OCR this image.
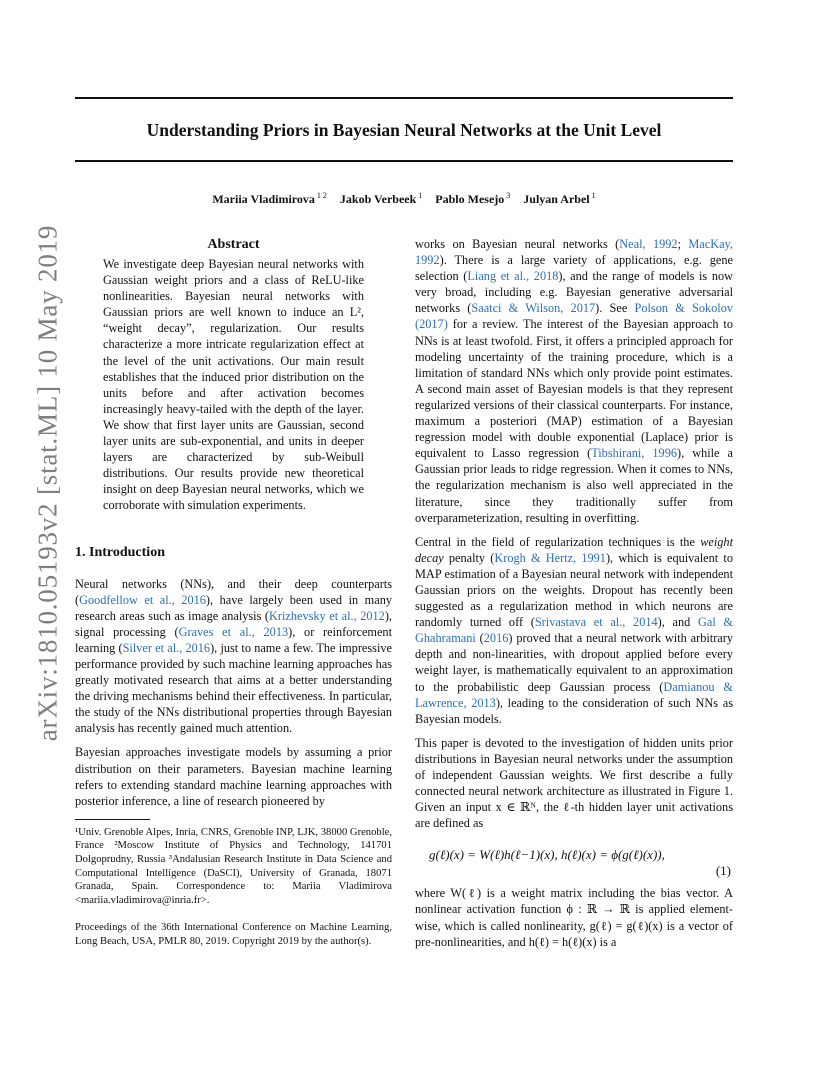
Understanding Priors in Bayesian Neural Networks at the Unit Level
Mariia Vladimirova $^{1 2}$ Jakob Verbeek $^1$ Pablo Mesejo $^3$ Julyan Arbel $^1$
arXiv:1810.05193v2 [stat.ML] 10 May 2019	Abstract

We investigate deep Bayesian neural networks with Gaussian weight priors and a class of ReLU-like nonlinearities. Bayesian neural networks with Gaussian priors are well known to induce an L², “weight decay”, regularization. Our results characterize a more intricate regularization effect at the level of the unit activations. Our main result establishes that the induced prior distribution on the units before and after activation becomes increasingly heavy-tailed with the depth of the layer. We show that first layer units are Gaussian, second layer units are sub-exponential, and units in deeper layers are characterized by sub-Weibull distributions. Our results provide new theoretical insight on deep Bayesian neural networks, which we corroborate with simulation experiments.

1. Introduction

Neural networks (NNs), and their deep counterparts (Goodfellow et al., 2016), have largely been used in many research areas such as image analysis (Krizhevsky et al., 2012), signal processing (Graves et al., 2013), or reinforcement learning (Silver et al., 2016), just to name a few. The impressive performance provided by such machine learning approaches has greatly motivated research that aims at a better understanding the driving mechanisms behind their effectiveness. In particular, the study of the NNs distributional properties through Bayesian analysis has recently gained much attention.

Bayesian approaches investigate models by assuming a prior distribution on their parameters. Bayesian machine learning refers to extending standard machine learning approaches with posterior inference, a line of research pioneered by

¹Univ. Grenoble Alpes, Inria, CNRS, Grenoble INP, LJK, 38000 Grenoble, France ²Moscow Institute of Physics and Technology, 141701 Dolgoprudny, Russia ³Andalusian Research Institute in Data Science and Computational Intelligence (DaSCI), University of Granada, 18071 Granada, Spain. Correspondence to: Mariia Vladimirova <mariia.vladimirova@inria.fr>.
Proceedings of the 36th International Conference on Machine Learning, Long Beach, USA, PMLR 80, 2019. Copyright 2019 by the author(s).

works on Bayesian neural networks (Neal, 1992; MacKay, 1992). There is a large variety of applications, e.g. gene selection (Liang et al., 2018), and the range of models is now very broad, including e.g. Bayesian generative adversarial networks (Saatci & Wilson, 2017). See Polson & Sokolov (2017) for a review. The interest of the Bayesian approach to NNs is at least twofold. First, it offers a principled approach for modeling uncertainty of the training procedure, which is a limitation of standard NNs which only provide point estimates. A second main asset of Bayesian models is that they represent regularized versions of their classical counterparts. For instance, maximum a posteriori (MAP) estimation of a Bayesian regression model with double exponential (Laplace) prior is equivalent to Lasso regression (Tibshirani, 1996), while a Gaussian prior leads to ridge regression. When it comes to NNs, the regularization mechanism is also well appreciated in the literature, since they traditionally suffer from overparameterization, resulting in overfitting.

Central in the field of regularization techniques is the weight decay penalty (Krogh & Hertz, 1991), which is equivalent to MAP estimation of a Bayesian neural network with independent Gaussian priors on the weights. Dropout has recently been suggested as a regularization method in which neurons are randomly turned off (Srivastava et al., 2014), and Gal & Ghahramani (2016) proved that a neural network with arbitrary depth and non-linearities, with dropout applied before every weight layer, is mathematically equivalent to an approximation to the probabilistic deep Gaussian process (Damianou & Lawrence, 2013), leading to the consideration of such NNs as Bayesian models.

This paper is devoted to the investigation of hidden units prior distributions in Bayesian neural networks under the assumption of independent Gaussian weights. We first describe a fully connected neural network architecture as illustrated in Figure 1. Given an input x ∈ ℝᴺ, the ℓ-th hidden layer unit activations are defined as

g(ℓ)(x) = W(ℓ)h(ℓ−1)(x), h(ℓ)(x) = ϕ(g(ℓ)(x)),
(1)

where W(ℓ) is a weight matrix including the bias vector. A nonlinear activation function ϕ : ℝ → ℝ is applied element-wise, which is called nonlinearity, g(ℓ) = g(ℓ)(x) is a vector of pre-nonlinearities, and h(ℓ) = h(ℓ)(x) is a
